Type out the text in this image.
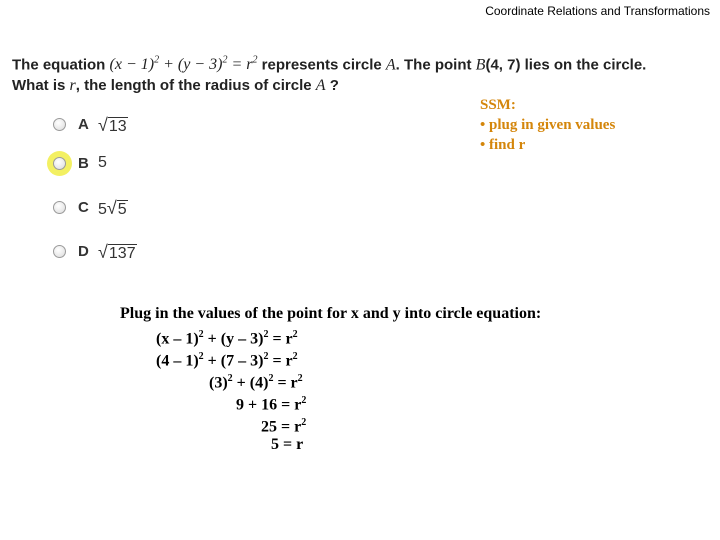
Coordinate Relations and Transformations
The equation $(x - 1)^2 + (y - 3)^2 = r^2$ represents circle A. The point B(4, 7) lies on the circle.
What is r, the length of the radius of circle A ?
A √13
B 5
C 5√5
D √137
SSM:
• plug in given values
• find r
Plug in the values of the point for x and y into circle equation:
$(x - 1)^2 + (y - 3)^2 = r^2$
$(4 - 1)^2 + (7 - 3)^2 = r^2$
$(3)^2 + (4)^2 = r^2$
$9 + 16 = r^2$
$25 = r^2$
5 = r
